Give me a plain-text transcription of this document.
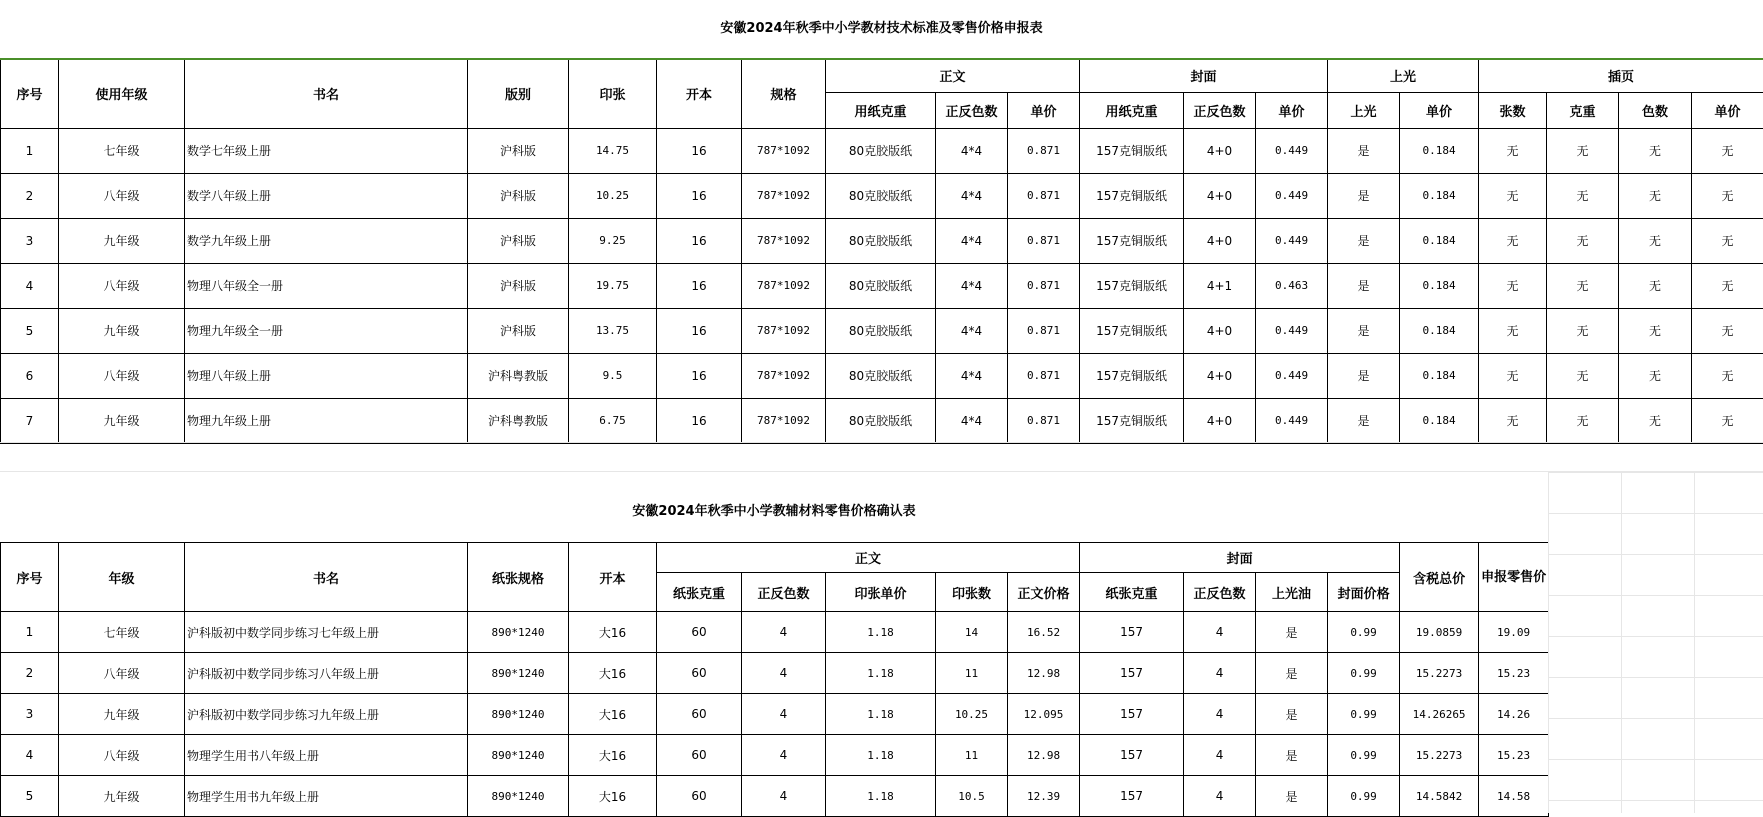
安徽2024年秋季中小学教材技术标准及零售价格申报表
序号	使用年级	书名	版别	印张	开本	规格	正文			封面			上光		插页			
							用纸克重	正反色数	单价	用纸克重	正反色数	单价	上光	单价	张数	克重	色数	单价
1	七年级	数学七年级上册	沪科版	14.75	16	787*1092	80克胶版纸	4*4	0.871	157克铜版纸	4+0	0.449	是	0.184	无	无	无	无
2	八年级	数学八年级上册	沪科版	10.25	16	787*1092	80克胶版纸	4*4	0.871	157克铜版纸	4+0	0.449	是	0.184	无	无	无	无
3	九年级	数学九年级上册	沪科版	9.25	16	787*1092	80克胶版纸	4*4	0.871	157克铜版纸	4+0	0.449	是	0.184	无	无	无	无
4	八年级	物理八年级全一册	沪科版	19.75	16	787*1092	80克胶版纸	4*4	0.871	157克铜版纸	4+1	0.463	是	0.184	无	无	无	无
5	九年级	物理九年级全一册	沪科版	13.75	16	787*1092	80克胶版纸	4*4	0.871	157克铜版纸	4+0	0.449	是	0.184	无	无	无	无
6	八年级	物理八年级上册	沪科粤教版	9.5	16	787*1092	80克胶版纸	4*4	0.871	157克铜版纸	4+0	0.449	是	0.184	无	无	无	无
7	九年级	物理九年级上册	沪科粤教版	6.75	16	787*1092	80克胶版纸	4*4	0.871	157克铜版纸	4+0	0.449	是	0.184	无	无	无	无
安徽2024年秋季中小学教辅材料零售价格确认表
序号	年级	书名	纸张规格	开本	正文					封面				含税总价	申报零售价
					纸张克重	正反色数	印张单价	印张数	正文价格	纸张克重	正反色数	上光油	封面价格		
1	七年级	沪科版初中数学同步练习七年级上册	890*1240	大16	60	4	1.18	14	16.52	157	4	是	0.99	19.0859	19.09
2	八年级	沪科版初中数学同步练习八年级上册	890*1240	大16	60	4	1.18	11	12.98	157	4	是	0.99	15.2273	15.23
3	九年级	沪科版初中数学同步练习九年级上册	890*1240	大16	60	4	1.18	10.25	12.095	157	4	是	0.99	14.26265	14.26
4	八年级	物理学生用书八年级上册	890*1240	大16	60	4	1.18	11	12.98	157	4	是	0.99	15.2273	15.23
5	九年级	物理学生用书九年级上册	890*1240	大16	60	4	1.18	10.5	12.39	157	4	是	0.99	14.5842	14.58
